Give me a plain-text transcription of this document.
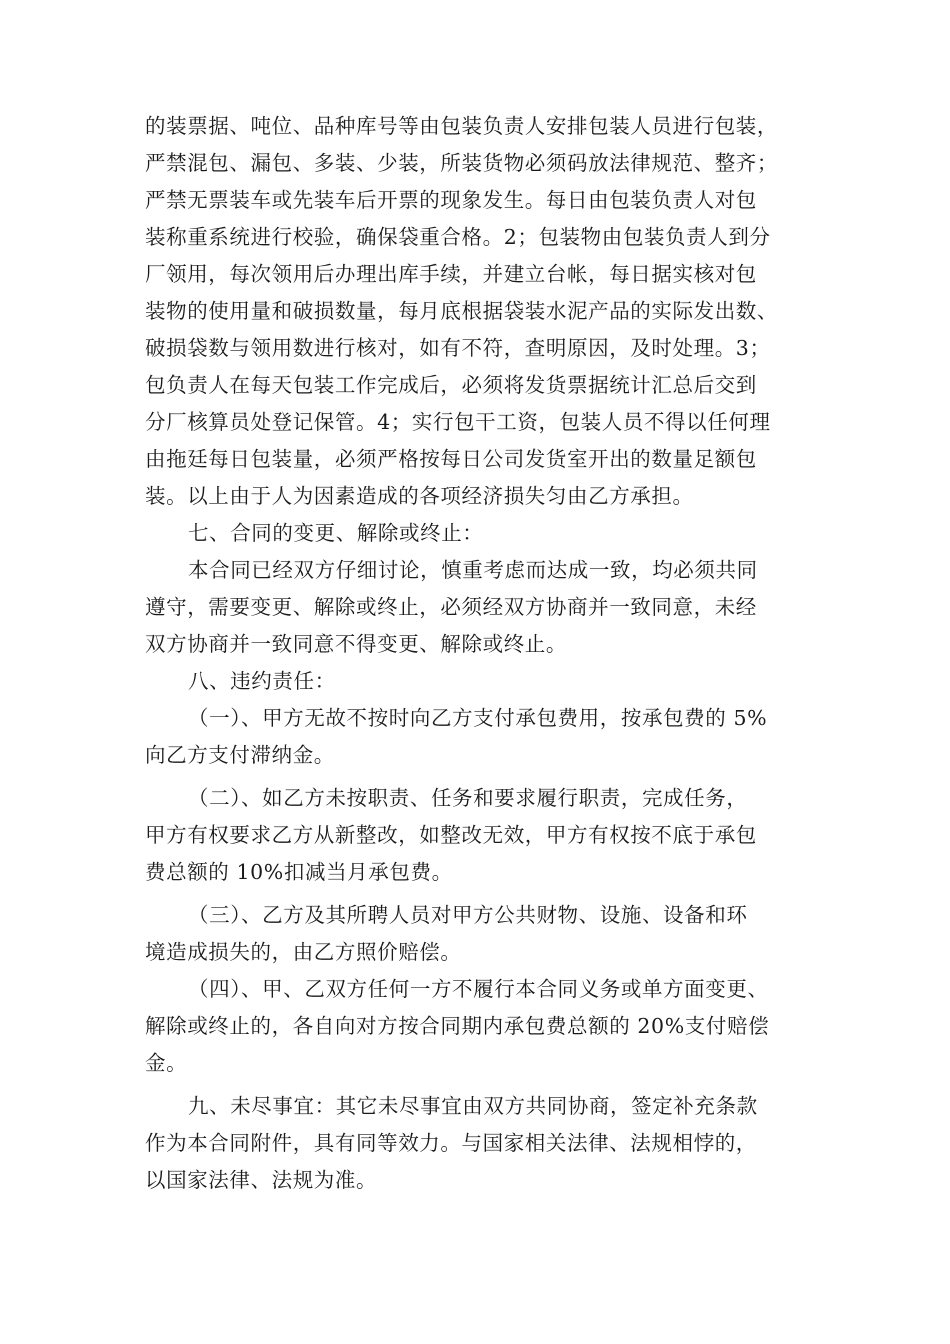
的装票据、吨位、品种库号等由包装负责人安排包装人员进行包装，
严禁混包、漏包、多装、少装，所装货物必须码放法律规范、整齐；
严禁无票装车或先装车后开票的现象发生。每日由包装负责人对包
装称重系统进行校验，确保袋重合格。2；包装物由包装负责人到分
厂领用，每次领用后办理出库手续，并建立台帐，每日据实核对包
装物的使用量和破损数量，每月底根据袋装水泥产品的实际发出数、
破损袋数与领用数进行核对，如有不符，查明原因，及时处理。3；
包负责人在每天包装工作完成后，必须将发货票据统计汇总后交到
分厂核算员处登记保管。4；实行包干工资，包装人员不得以任何理
由拖廷每日包装量，必须严格按每日公司发货室开出的数量足额包
装。以上由于人为因素造成的各项经济损失匀由乙方承担。
七、合同的变更、解除或终止：
本合同已经双方仔细讨论，慎重考虑而达成一致，均必须共同
遵守，需要变更、解除或终止，必须经双方协商并一致同意，未经
双方协商并一致同意不得变更、解除或终止。
八、违约责任：
（一）、甲方无故不按时向乙方支付承包费用，按承包费的 5%
向乙方支付滞纳金。
（二）、如乙方未按职责、任务和要求履行职责，完成任务，
甲方有权要求乙方从新整改，如整改无效，甲方有权按不底于承包
费总额的 10%扣减当月承包费。
（三）、乙方及其所聘人员对甲方公共财物、设施、设备和环
境造成损失的，由乙方照价赔偿。
（四）、甲、乙双方任何一方不履行本合同义务或单方面变更、
解除或终止的，各自向对方按合同期内承包费总额的 20%支付赔偿
金。
九、未尽事宜：其它未尽事宜由双方共同协商，签定补充条款
作为本合同附件，具有同等效力。与国家相关法律、法规相悖的，
以国家法律、法规为准。
